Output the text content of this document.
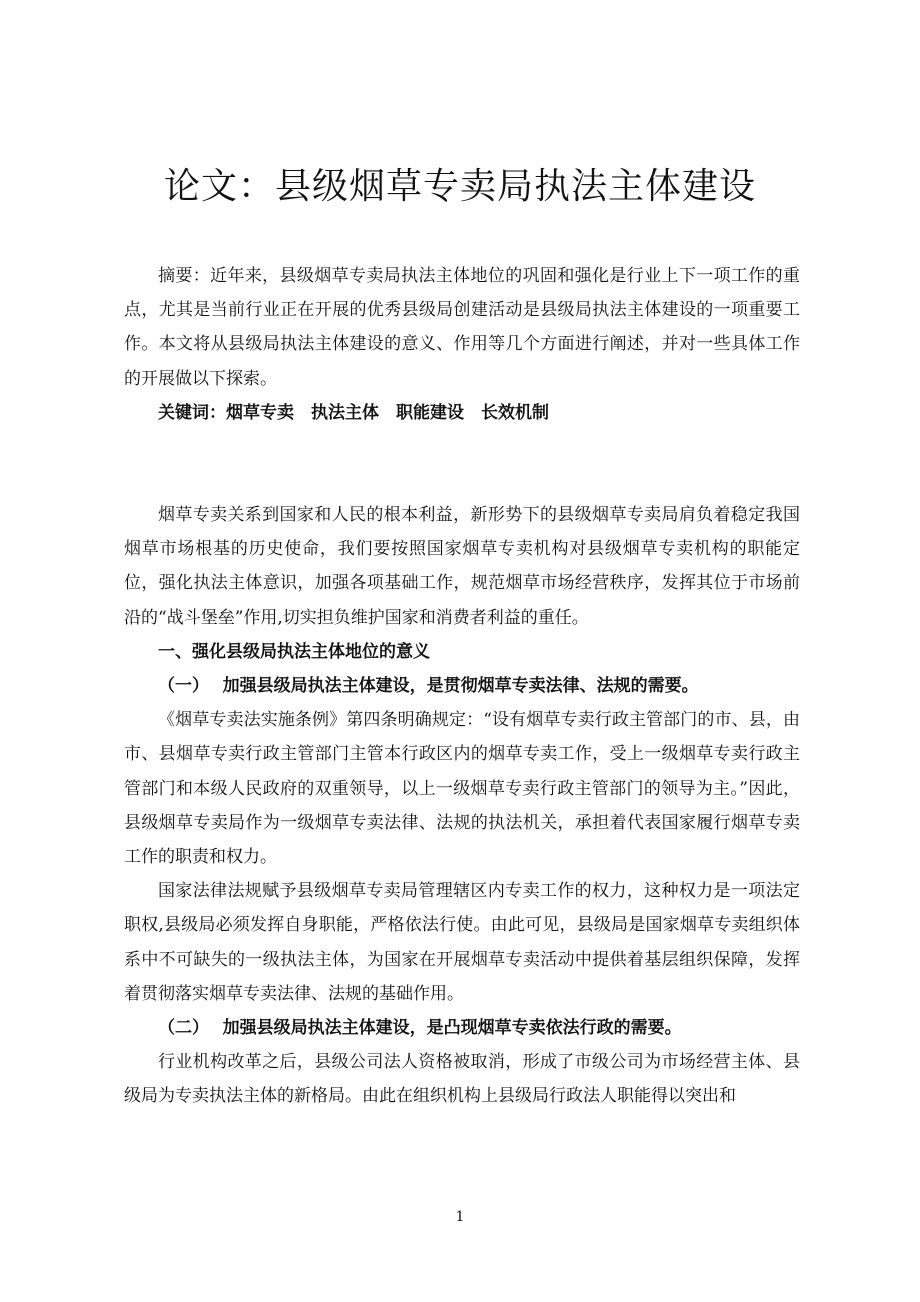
论文：县级烟草专卖局执法主体建设

摘要：近年来，县级烟草专卖局执法主体地位的巩固和强化是行业上下一项工作的重点，尤其是当前行业正在开展的优秀县级局创建活动是县级局执法主体建设的一项重要工作。本文将从县级局执法主体建设的意义、作用等几个方面进行阐述，并对一些具体工作的开展做以下探索。

关键词：烟草专卖 执法主体 职能建设 长效机制

烟草专卖关系到国家和人民的根本利益，新形势下的县级烟草专卖局肩负着稳定我国烟草市场根基的历史使命，我们要按照国家烟草专卖机构对县级烟草专卖机构的职能定位，强化执法主体意识，加强各项基础工作，规范烟草市场经营秩序，发挥其位于市场前沿的“战斗堡垒”作用,切实担负维护国家和消费者利益的重任。

一、强化县级局执法主体地位的意义

（一） 加强县级局执法主体建设，是贯彻烟草专卖法律、法规的需要。

《烟草专卖法实施条例》第四条明确规定：“设有烟草专卖行政主管部门的市、县，由市、县烟草专卖行政主管部门主管本行政区内的烟草专卖工作，受上一级烟草专卖行政主管部门和本级人民政府的双重领导，以上一级烟草专卖行政主管部门的领导为主。”因此，县级烟草专卖局作为一级烟草专卖法律、法规的执法机关，承担着代表国家履行烟草专卖工作的职责和权力。

国家法律法规赋予县级烟草专卖局管理辖区内专卖工作的权力，这种权力是一项法定职权,县级局必须发挥自身职能，严格依法行使。由此可见，县级局是国家烟草专卖组织体系中不可缺失的一级执法主体，为国家在开展烟草专卖活动中提供着基层组织保障，发挥着贯彻落实烟草专卖法律、法规的基础作用。

（二） 加强县级局执法主体建设，是凸现烟草专卖依法行政的需要。

行业机构改革之后，县级公司法人资格被取消，形成了市级公司为市场经营主体、县级局为专卖执法主体的新格局。由此在组织机构上县级局行政法人职能得以突出和

1
